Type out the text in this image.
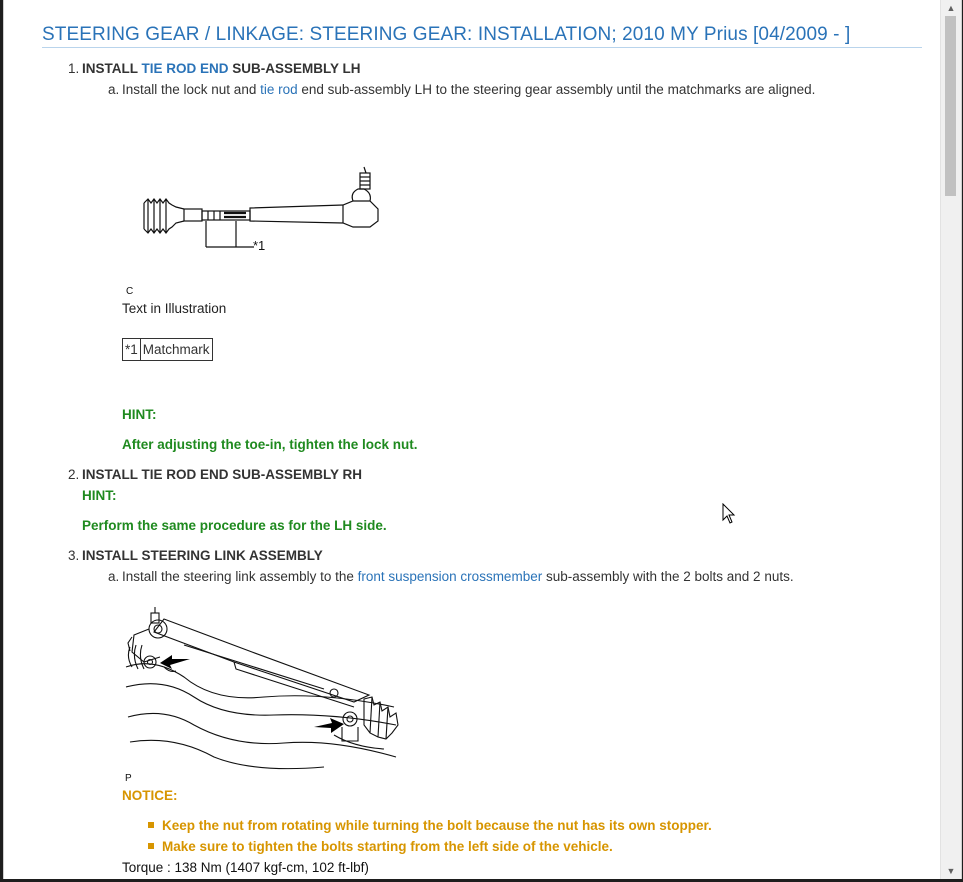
STEERING GEAR / LINKAGE: STEERING GEAR: INSTALLATION; 2010 MY Prius [04/2009 - ]
1. INSTALL TIE ROD END SUB-ASSEMBLY LH
a. Install the lock nut and tie rod end sub-assembly LH to the steering gear assembly until the matchmarks are aligned.
*1
C
Text in Illustration
*1	Matchmark
HINT:
After adjusting the toe-in, tighten the lock nut.
2. INSTALL TIE ROD END SUB-ASSEMBLY RH
HINT:
Perform the same procedure as for the LH side.
3. INSTALL STEERING LINK ASSEMBLY
a. Install the steering link assembly to the front suspension crossmember sub-assembly with the 2 bolts and 2 nuts.
P
NOTICE:
Keep the nut from rotating while turning the bolt because the nut has its own stopper.
Make sure to tighten the bolts starting from the left side of the vehicle.
Torque : 138 Nm (1407 kgf-cm, 102 ft-lbf)
▲
▼
